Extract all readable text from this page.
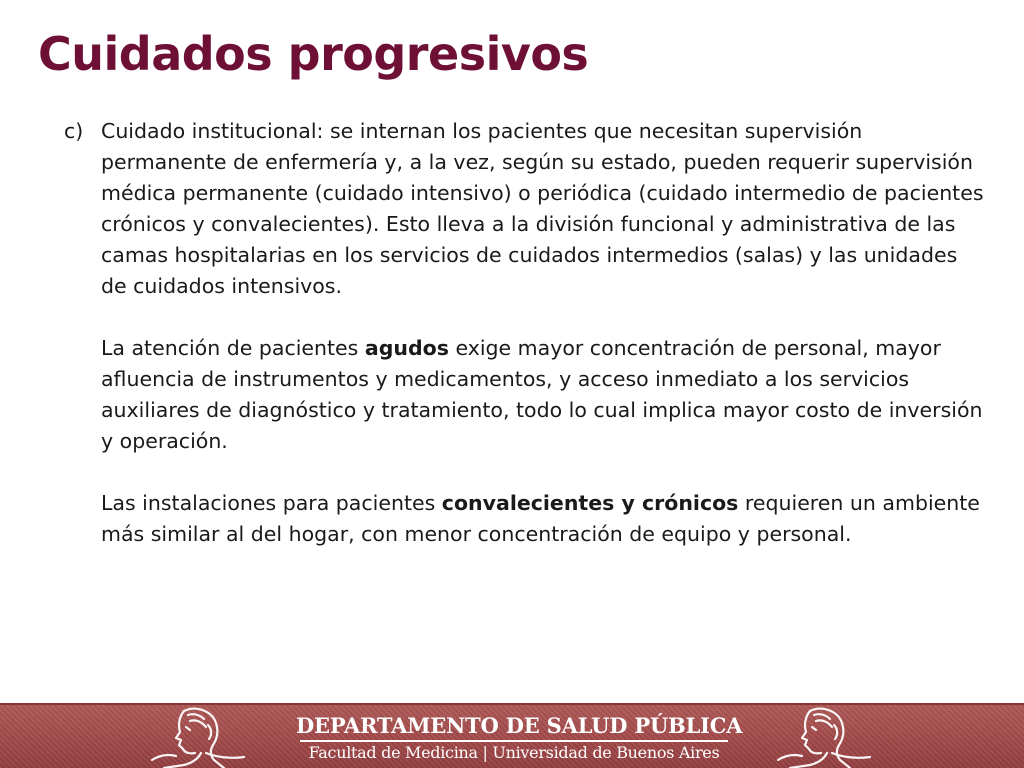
Cuidados progresivos
c) Cuidado institucional: se internan los pacientes que necesitan supervisión permanente de enfermería y, a la vez, según su estado, pueden requerir supervisión médica permanente (cuidado intensivo) o periódica (cuidado intermedio de pacientes crónicos y convalecientes). Esto lleva a la división funcional y administrativa de las camas hospitalarias en los servicios de cuidados intermedios (salas) y las unidades de cuidados intensivos.

La atención de pacientes agudos exige mayor concentración de personal, mayor afluencia de instrumentos y medicamentos, y acceso inmediato a los servicios auxiliares de diagnóstico y tratamiento, todo lo cual implica mayor costo de inversión y operación.

Las instalaciones para pacientes convalecientes y crónicos requieren un ambiente más similar al del hogar, con menor concentración de equipo y personal.

DEPARTAMENTO DE SALUD PÚBLICA

Facultad de Medicina | Universidad de Buenos Aires
